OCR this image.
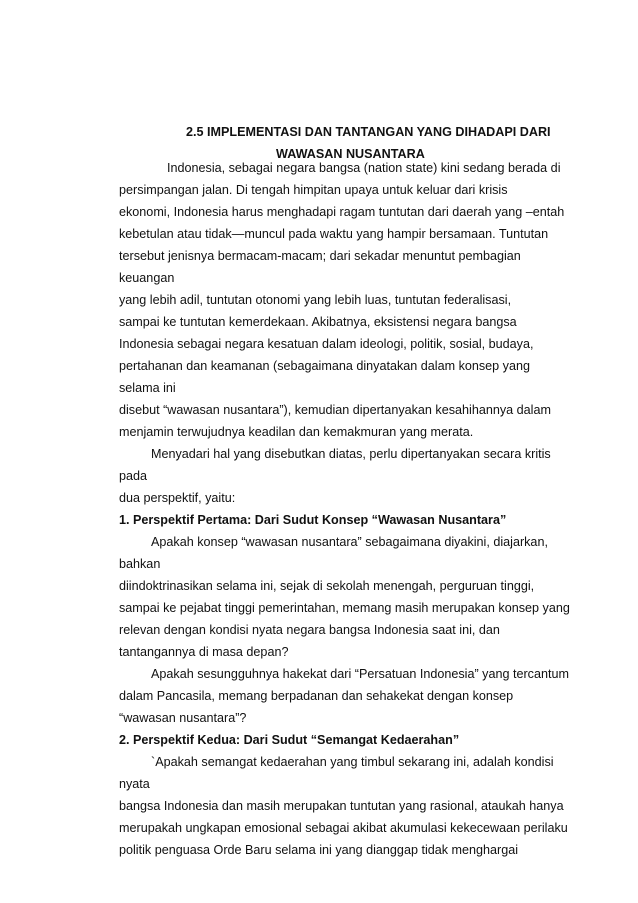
2.5 IMPLEMENTASI DAN TANTANGAN YANG DIHADAPI DARI
WAWASAN NUSANTARA
Indonesia, sebagai negara bangsa (nation state) kini sedang berada di
persimpangan jalan. Di tengah himpitan upaya untuk keluar dari krisis
ekonomi, Indonesia harus menghadapi ragam tuntutan dari daerah yang –entah
kebetulan atau tidak—muncul pada waktu yang hampir bersamaan. Tuntutan
tersebut jenisnya bermacam-macam; dari sekadar menuntut pembagian
keuangan
yang lebih adil, tuntutan otonomi yang lebih luas, tuntutan federalisasi,
sampai ke tuntutan kemerdekaan. Akibatnya, eksistensi negara bangsa
Indonesia sebagai negara kesatuan dalam ideologi, politik, sosial, budaya,
pertahanan dan keamanan (sebagaimana dinyatakan dalam konsep yang
selama ini
disebut “wawasan nusantara”), kemudian dipertanyakan kesahihannya dalam
menjamin terwujudnya keadilan dan kemakmuran yang merata.
Menyadari hal yang disebutkan diatas, perlu dipertanyakan secara kritis
pada
dua perspektif, yaitu:
1. Perspektif Pertama: Dari Sudut Konsep “Wawasan Nusantara”
Apakah konsep “wawasan nusantara” sebagaimana diyakini, diajarkan,
bahkan
diindoktrinasikan selama ini, sejak di sekolah menengah, perguruan tinggi,
sampai ke pejabat tinggi pemerintahan, memang masih merupakan konsep yang
relevan dengan kondisi nyata negara bangsa Indonesia saat ini, dan
tantangannya di masa depan?
Apakah sesungguhnya hakekat dari “Persatuan Indonesia” yang tercantum
dalam Pancasila, memang berpadanan dan sehakekat dengan konsep
“wawasan nusantara”?
2. Perspektif Kedua: Dari Sudut “Semangat Kedaerahan”
`Apakah semangat kedaerahan yang timbul sekarang ini, adalah kondisi
nyata
bangsa Indonesia dan masih merupakan tuntutan yang rasional, ataukah hanya
merupakah ungkapan emosional sebagai akibat akumulasi kekecewaan perilaku
politik penguasa Orde Baru selama ini yang dianggap tidak menghargai
